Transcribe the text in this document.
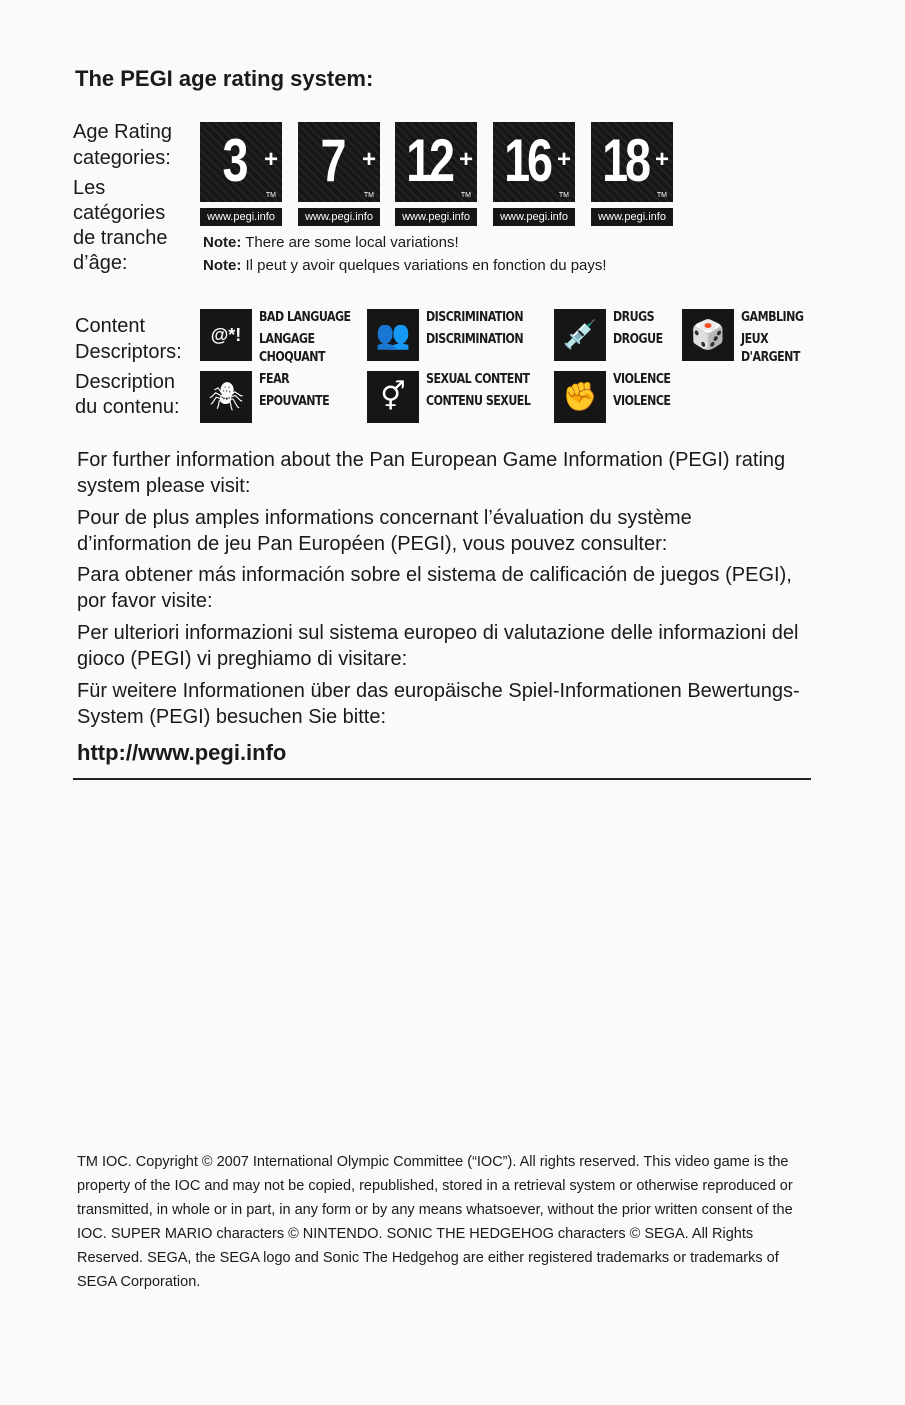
The PEGI age rating system:
Age Rating
categories:
Les
catégories
de tranche
d’âge:
3 +
TM
www.pegi.info
7 +
TM
www.pegi.info
12 +
TM
www.pegi.info
16 +
TM
www.pegi.info
18 +
TM
www.pegi.info
Note: There are some local variations!
Note: Il peut y avoir quelques variations en fonction du pays!
Content
Descriptors:
Description
du contenu:
@*!
BAD LANGUAGE
LANGAGE
CHOQUANT
👥
DISCRIMINATION
DISCRIMINATION	💉
DRUGS
DROGUE 🎲
GAMBLING
JEUX
D'ARGENT
🕷
FEAR
EPOUVANTE	⚥
SEXUAL CONTENT
CONTENU SEXUEL	✊
VIOLENCE
VIOLENCE

For further information about the Pan European Game Information (PEGI) rating system please visit:

Pour de plus amples informations concernant l’évaluation du système d’information de jeu Pan Européen (PEGI), vous pouvez consulter:

Para obtener más información sobre el sistema de calificación de juegos (PEGI), por favor visite:

Per ulteriori informazioni sul sistema europeo di valutazione delle informazioni del gioco (PEGI) vi preghiamo di visitare:

Für weitere Informationen über das europäische Spiel-Informationen Bewertungs-System (PEGI) besuchen Sie bitte:

http://www.pegi.info

TM IOC. Copyright © 2007 International Olympic Committee (“IOC”). All rights reserved. This video game is the property of the IOC and may not be copied, republished, stored in a retrieval system or otherwise reproduced or transmitted, in whole or in part, in any form or by any means whatsoever, without the prior written consent of the IOC. SUPER MARIO characters © NINTENDO. SONIC THE HEDGEHOG characters © SEGA. All Rights Reserved. SEGA, the SEGA logo and Sonic The Hedgehog are either registered trademarks or trademarks of SEGA Corporation.
